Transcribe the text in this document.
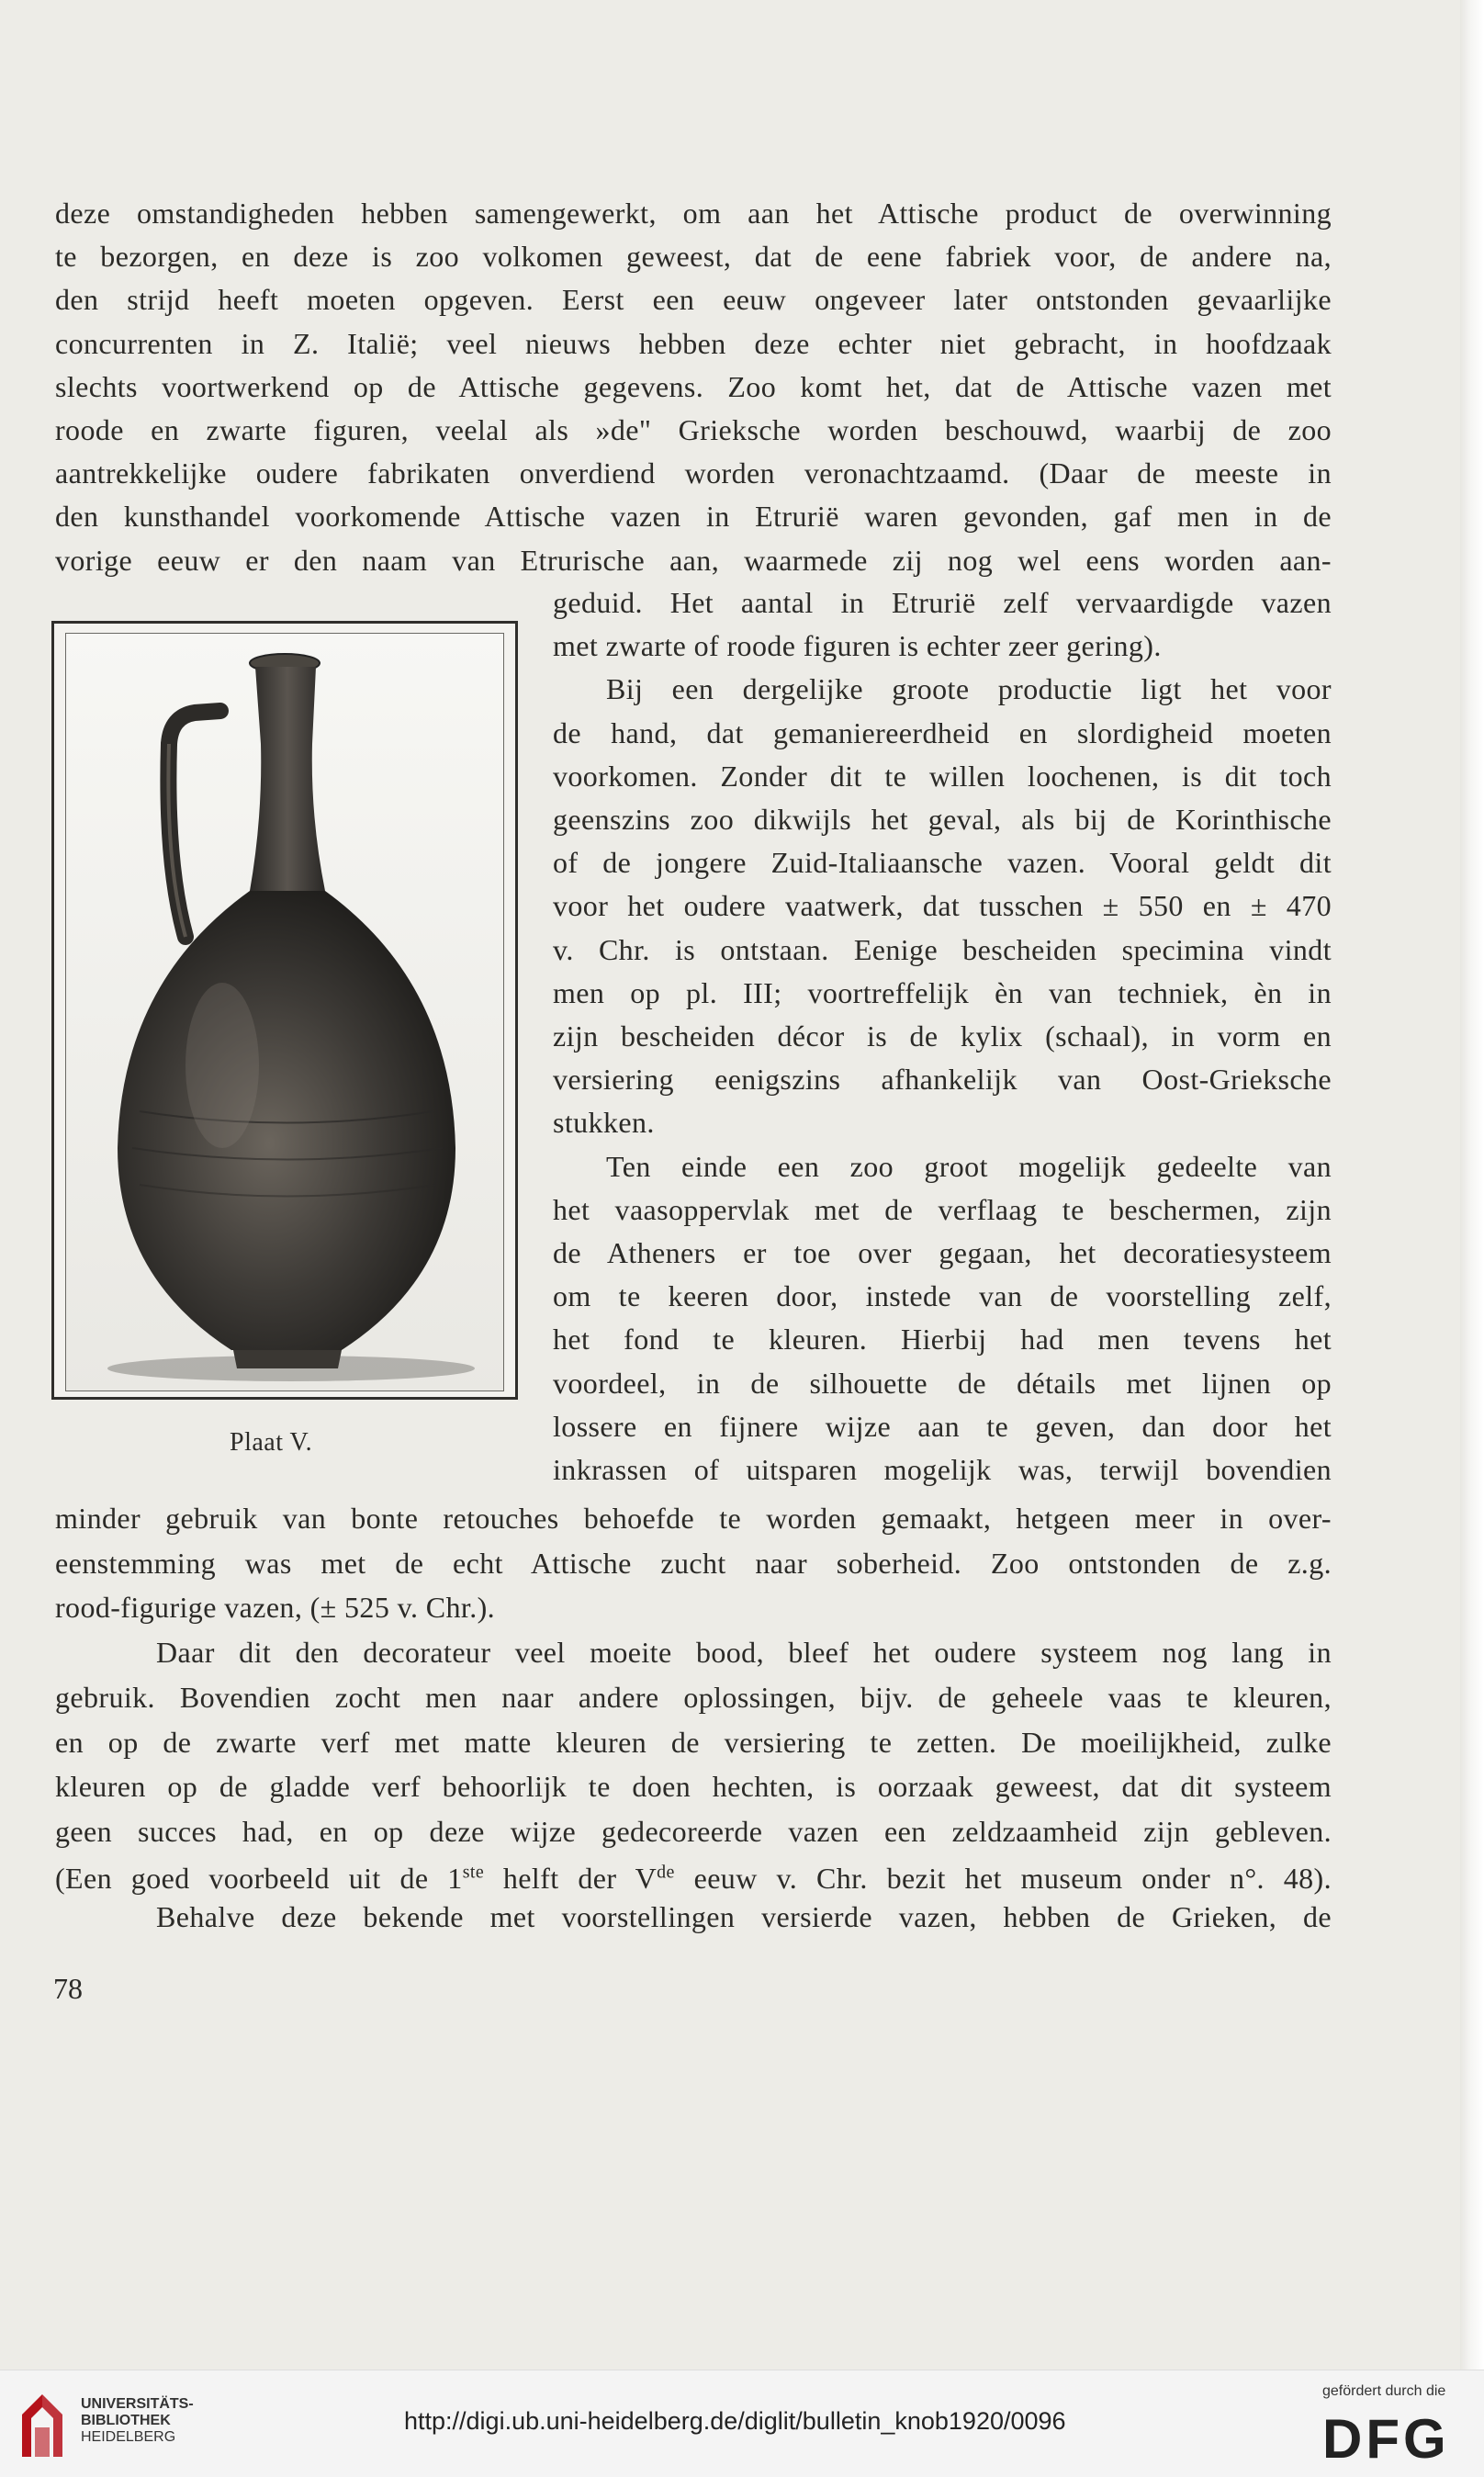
deze omstandigheden hebben samengewerkt, om aan het Attische product de overwinning
te bezorgen, en deze is zoo volkomen geweest, dat de eene fabriek voor, de andere na,
den strijd heeft moeten opgeven. Eerst een eeuw ongeveer later ontstonden gevaarlijke
concurrenten in Z. Italië; veel nieuws hebben deze echter niet gebracht, in hoofdzaak
slechts voortwerkend op de Attische gegevens. Zoo komt het, dat de Attische vazen met
roode en zwarte figuren, veelal als »de" Grieksche worden beschouwd, waarbij de zoo
aantrekkelijke oudere fabrikaten onverdiend worden veronachtzaamd. (Daar de meeste in
den kunsthandel voorkomende Attische vazen in Etrurië waren gevonden, gaf men in de
vorige eeuw er den naam van Etrurische aan, waarmede zij nog wel eens worden aan-
geduid. Het aantal in Etrurië zelf vervaardigde vazen
met zwarte of roode figuren is echter zeer gering).
Bij een dergelijke groote productie ligt het voor
de hand, dat gemaniereerdheid en slordigheid moeten
voorkomen. Zonder dit te willen loochenen, is dit toch
geenszins zoo dikwijls het geval, als bij de Korinthische
of de jongere Zuid-Italiaansche vazen. Vooral geldt dit
voor het oudere vaatwerk, dat tusschen ± 550 en ± 470
v. Chr. is ontstaan. Eenige bescheiden specimina vindt
men op pl. III; voortreffelijk èn van techniek, èn in
zijn bescheiden décor is de kylix (schaal), in vorm en
versiering eenigszins afhankelijk van Oost-Grieksche
stukken.
Ten einde een zoo groot mogelijk gedeelte van
het vaasoppervlak met de verflaag te beschermen, zijn
de Atheners er toe over gegaan, het decoratiesysteem
om te keeren door, instede van de voorstelling zelf,
het fond te kleuren. Hierbij had men tevens het
voordeel, in de silhouette de détails met lijnen op
lossere en fijnere wijze aan te geven, dan door het
inkrassen of uitsparen mogelijk was, terwijl bovendien
Plaat V.
minder gebruik van bonte retouches behoefde te worden gemaakt, hetgeen meer in over-
eenstemming was met de echt Attische zucht naar soberheid. Zoo ontstonden de z.g.
rood-figurige vazen, (± 525 v. Chr.).
Daar dit den decorateur veel moeite bood, bleef het oudere systeem nog lang in
gebruik. Bovendien zocht men naar andere oplossingen, bijv. de geheele vaas te kleuren,
en op de zwarte verf met matte kleuren de versiering te zetten. De moeilijkheid, zulke
kleuren op de gladde verf behoorlijk te doen hechten, is oorzaak geweest, dat dit systeem
geen succes had, en op deze wijze gedecoreerde vazen een zeldzaamheid zijn gebleven.
(Een goed voorbeeld uit de 1ste helft der Vde eeuw v. Chr. bezit het museum onder n°. 48).
Behalve deze bekende met voorstellingen versierde vazen, hebben de Grieken, de
78
UNIVERSITÄTS-
BIBLIOTHEK
HEIDELBERG
http://digi.ub.uni-heidelberg.de/diglit/bulletin_knob1920/0096
gefördert durch die
DFG
